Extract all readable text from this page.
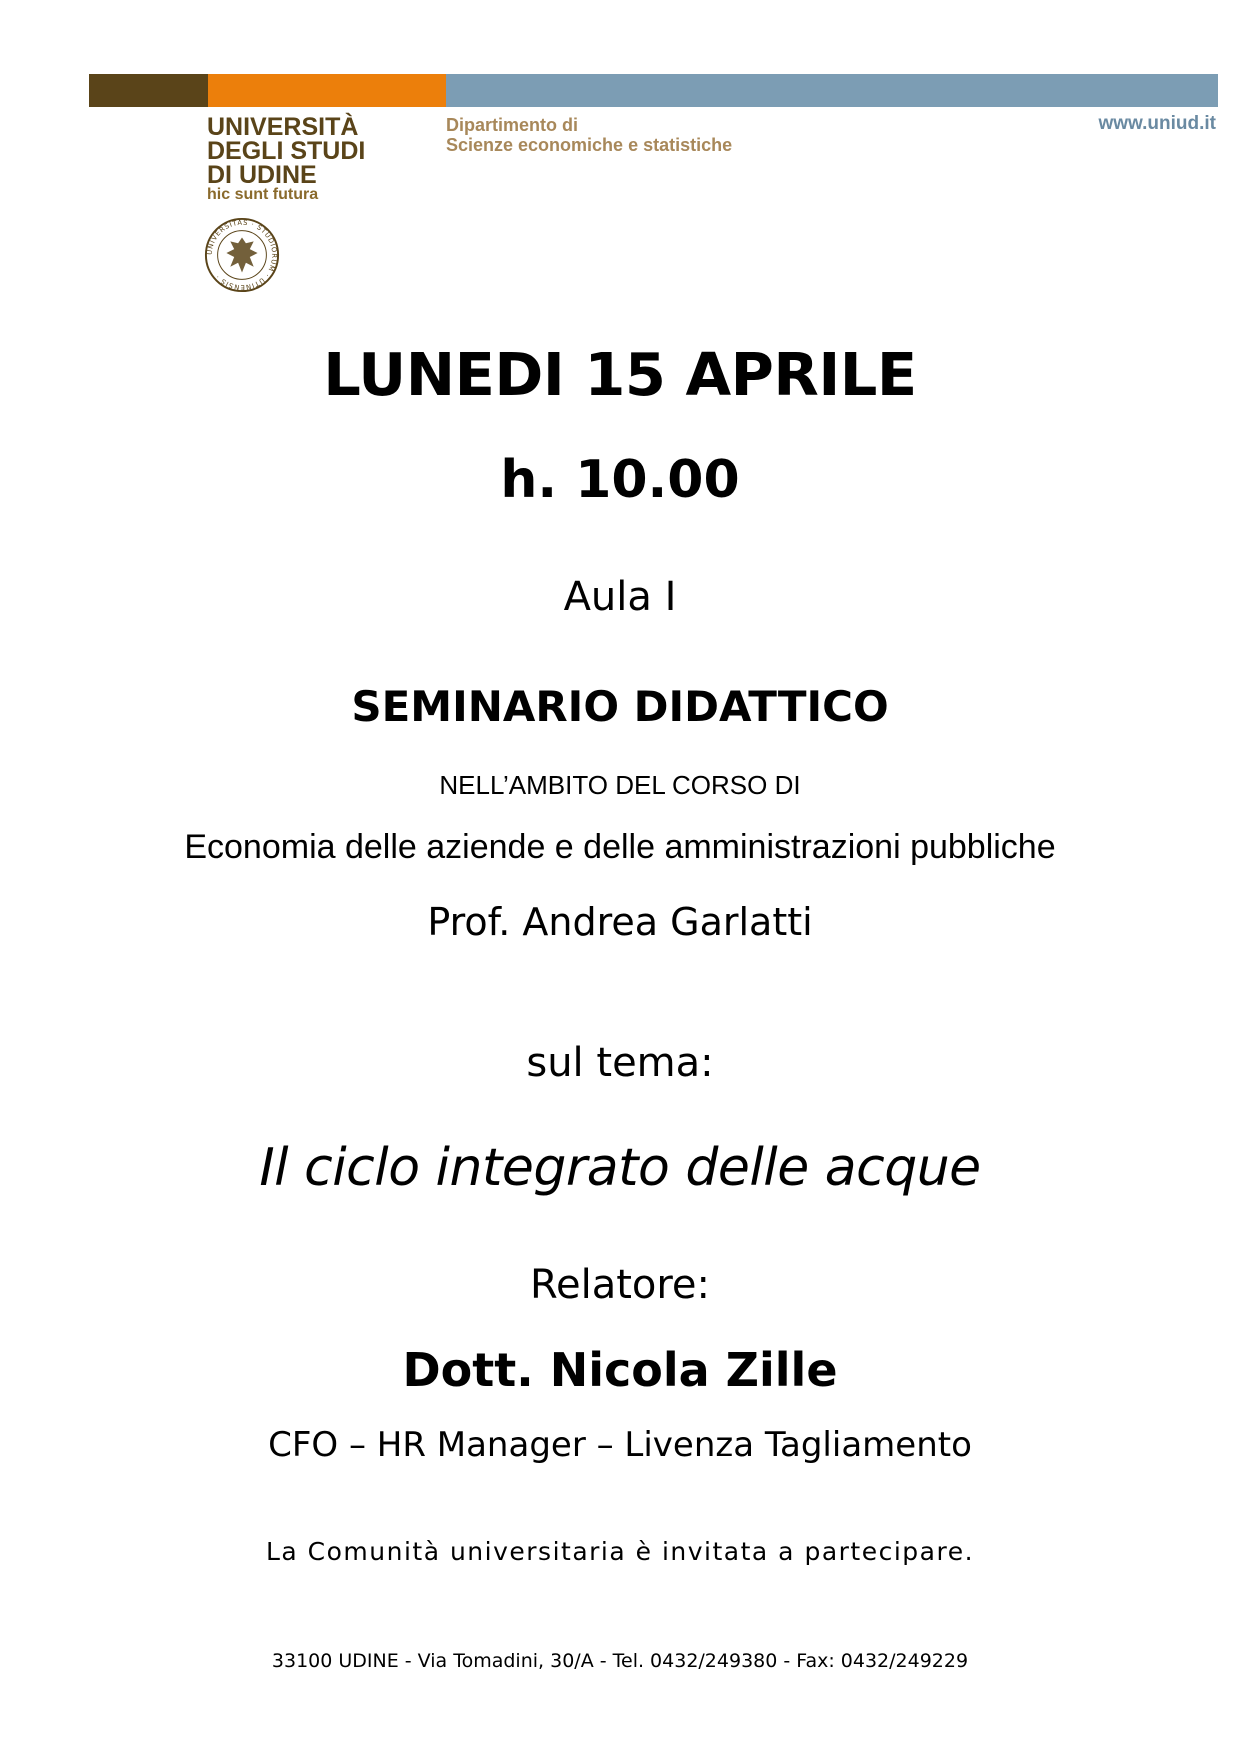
UNIVERSITÀ
DEGLI STUDI
DI UDINE
hic sunt futura
UNIVERSITAS · STUDIORUM · UTINENSIS ·
Dipartimento di
Scienze economiche e statistiche
www.uniud.it
LUNEDI 15 APRILE
h. 10.00
Aula I
SEMINARIO DIDATTICO
NELL’AMBITO DEL CORSO DI
Economia delle aziende e delle amministrazioni pubbliche
Prof. Andrea Garlatti
sul tema:
Il ciclo integrato delle acque
Relatore:
Dott. Nicola Zille
CFO – HR Manager – Livenza Tagliamento
La Comunità universitaria è invitata a partecipare.
33100 UDINE - Via Tomadini, 30/A - Tel. 0432/249380 - Fax: 0432/249229
